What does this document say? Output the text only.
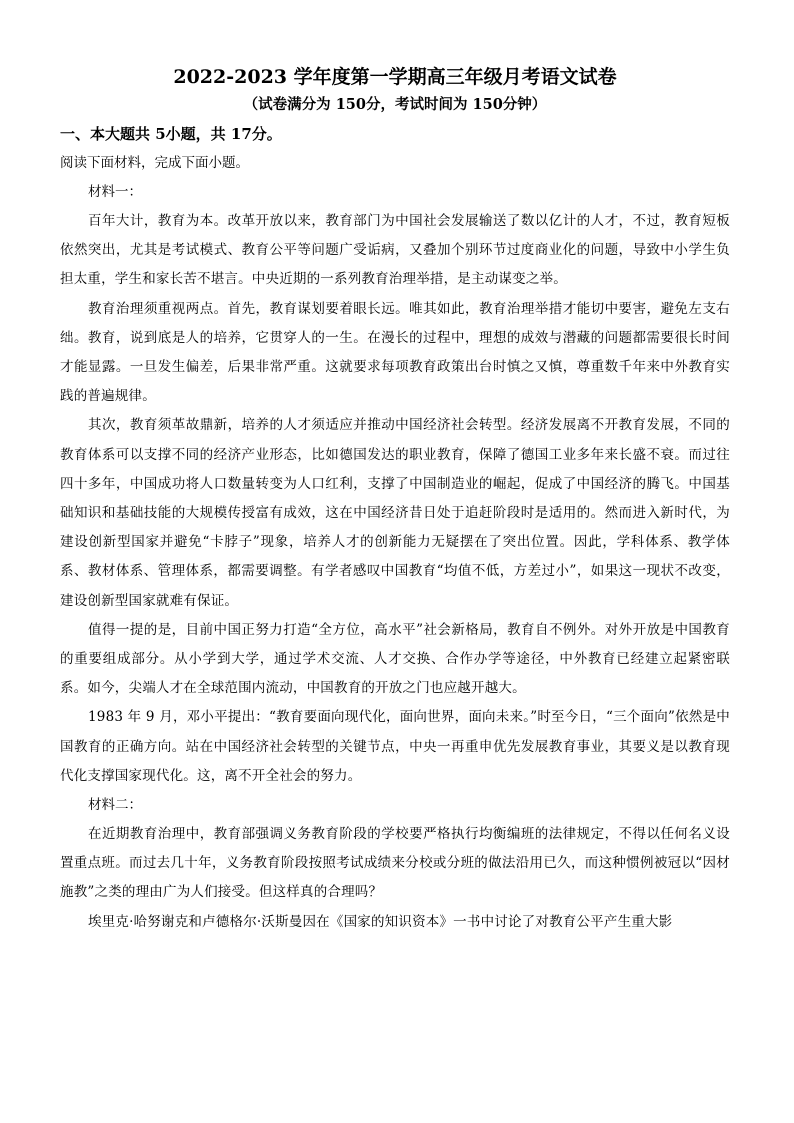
2022-2023 学年度第一学期高三年级月考语文试卷

（试卷满分为 150分，考试时间为 150分钟）

一、本大题共 5小题，共 17分。

阅读下面材料，完成下面小题。

材料一：

百年大计，教育为本。改革开放以来，教育部门为中国社会发展输送了数以亿计的人才，不过，教育短板依然突出，尤其是考试模式、教育公平等问题广受诟病，又叠加个别环节过度商业化的问题，导致中小学生负担太重，学生和家长苦不堪言。中央近期的一系列教育治理举措，是主动谋变之举。

教育治理须重视两点。首先，教育谋划要着眼长远。唯其如此，教育治理举措才能切中要害，避免左支右绌。教育，说到底是人的培养，它贯穿人的一生。在漫长的过程中，理想的成效与潜藏的问题都需要很长时间才能显露。一旦发生偏差，后果非常严重。这就要求每项教育政策出台时慎之又慎，尊重数千年来中外教育实践的普遍规律。

其次，教育须革故鼎新，培养的人才须适应并推动中国经济社会转型。经济发展离不开教育发展，不同的教育体系可以支撑不同的经济产业形态，比如德国发达的职业教育，保障了德国工业多年来长盛不衰。而过往四十多年，中国成功将人口数量转变为人口红利，支撑了中国制造业的崛起，促成了中国经济的腾飞。中国基础知识和基础技能的大规模传授富有成效，这在中国经济昔日处于追赶阶段时是适用的。然而进入新时代，为建设创新型国家并避免“卡脖子”现象，培养人才的创新能力无疑摆在了突出位置。因此，学科体系、教学体系、教材体系、管理体系，都需要调整。有学者感叹中国教育“均值不低，方差过小”，如果这一现状不改变，建设创新型国家就难有保证。

值得一提的是，目前中国正努力打造“全方位，高水平”社会新格局，教育自不例外。对外开放是中国教育的重要组成部分。从小学到大学，通过学术交流、人才交换、合作办学等途径，中外教育已经建立起紧密联系。如今，尖端人才在全球范围内流动，中国教育的开放之门也应越开越大。

1983 年 9 月，邓小平提出：“教育要面向现代化，面向世界，面向未来。”时至今日，“三个面向”依然是中国教育的正确方向。站在中国经济社会转型的关键节点，中央一再重申优先发展教育事业，其要义是以教育现代化支撑国家现代化。这，离不开全社会的努力。

材料二：

在近期教育治理中，教育部强调义务教育阶段的学校要严格执行均衡编班的法律规定，不得以任何名义设置重点班。而过去几十年，义务教育阶段按照考试成绩来分校或分班的做法沿用已久，而这种惯例被冠以“因材施教”之类的理由广为人们接受。但这样真的合理吗？

埃里克·哈努谢克和卢德格尔·沃斯曼因在《国家的知识资本》一书中讨论了对教育公平产生重大影
